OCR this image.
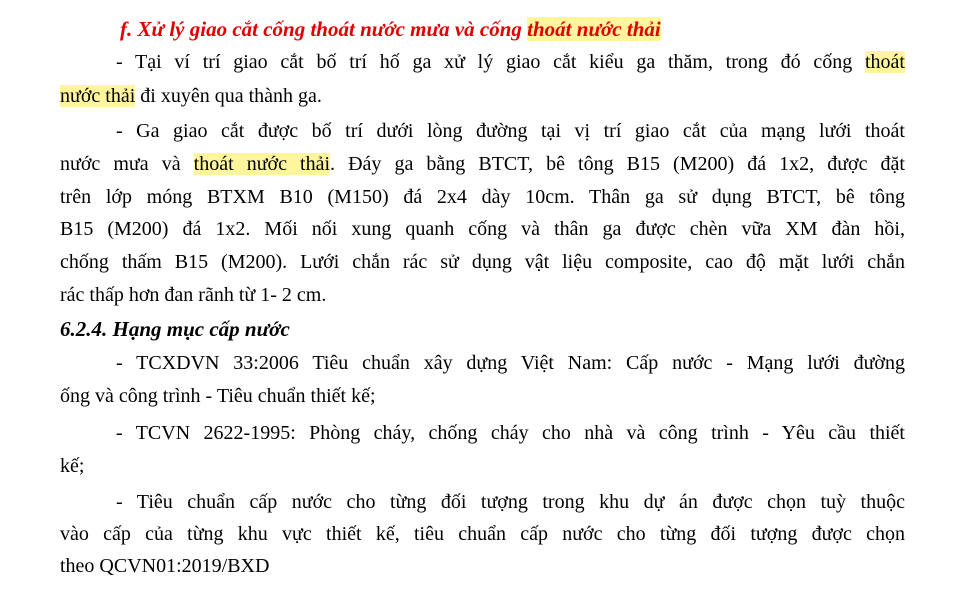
f. Xử lý giao cắt cống thoát nước mưa và cống thoát nước thải
- Tại ví trí giao cắt bố trí hố ga xử lý giao cắt kiểu ga thăm, trong đó cống thoát
nước thải đi xuyên qua thành ga.
- Ga giao cắt được bố trí dưới lòng đường tại vị trí giao cắt của mạng lưới thoát
nước mưa và thoát nước thải. Đáy ga bằng BTCT, bê tông B15 (M200) đá 1x2, được đặt
trên lớp móng BTXM B10 (M150) đá 2x4 dày 10cm. Thân ga sử dụng BTCT, bê tông
B15 (M200) đá 1x2. Mối nối xung quanh cống và thân ga được chèn vữa XM đàn hồi,
chống thấm B15 (M200). Lưới chắn rác sử dụng vật liệu composite, cao độ mặt lưới chắn
rác thấp hơn đan rãnh từ 1- 2 cm.
6.2.4. Hạng mục cấp nước
- TCXDVN 33:2006 Tiêu chuẩn xây dựng Việt Nam: Cấp nước - Mạng lưới đường
ống và công trình - Tiêu chuẩn thiết kế;
- TCVN 2622-1995: Phòng cháy, chống cháy cho nhà và công trình - Yêu cầu thiết
kế;
- Tiêu chuẩn cấp nước cho từng đối tượng trong khu dự án được chọn tuỳ thuộc
vào cấp của từng khu vực thiết kế, tiêu chuẩn cấp nước cho từng đối tượng được chọn
theo QCVN01:2019/BXD
